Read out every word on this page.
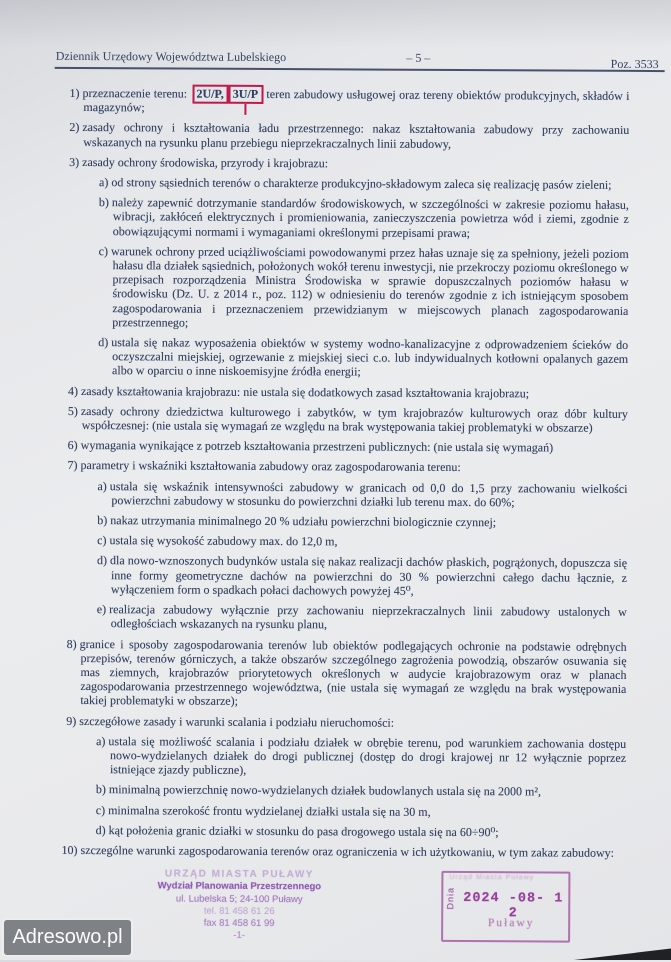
Dziennik Urzędowy Województwa Lubelskiego	– 5 –	Poz. 3533
1) przeznaczenie terenu: 2U/P, 3U/P teren zabudowy usługowej oraz tereny obiektów produkcyjnych, składów i magazynów;
2) zasady ochrony i kształtowania ładu przestrzennego: nakaz kształtowania zabudowy przy zachowaniu wskazanych na rysunku planu przebiegu nieprzekraczalnych linii zabudowy,
3) zasady ochrony środowiska, przyrody i krajobrazu:
a) od strony sąsiednich terenów o charakterze produkcyjno-składowym zaleca się realizację pasów zieleni;
b) należy zapewnić dotrzymanie standardów środowiskowych, w szczególności w zakresie poziomu hałasu, wibracji, zakłóceń elektrycznych i promieniowania, zanieczyszczenia powietrza wód i ziemi, zgodnie z obowiązującymi normami i wymaganiami określonymi przepisami prawa;
c) warunek ochrony przed uciążliwościami powodowanymi przez hałas uznaje się za spełniony, jeżeli poziom hałasu dla działek sąsiednich, położonych wokół terenu inwestycji, nie przekroczy poziomu określonego w przepisach rozporządzenia Ministra Środowiska w sprawie dopuszczalnych poziomów hałasu w środowisku (Dz. U. z 2014 r., poz. 112) w odniesieniu do terenów zgodnie z ich istniejącym sposobem zagospodarowania i przeznaczeniem przewidzianym w miejscowych planach zagospodarowania przestrzennego;
d) ustala się nakaz wyposażenia obiektów w systemy wodno-kanalizacyjne z odprowadzeniem ścieków do oczyszczalni miejskiej, ogrzewanie z miejskiej sieci c.o. lub indywidualnych kotłowni opalanych gazem albo w oparciu o inne niskoemisyjne źródła energii;
4) zasady kształtowania krajobrazu: nie ustala się dodatkowych zasad kształtowania krajobrazu;
5) zasady ochrony dziedzictwa kulturowego i zabytków, w tym krajobrazów kulturowych oraz dóbr kultury współczesnej: (nie ustala się wymagań ze względu na brak występowania takiej problematyki w obszarze)
6) wymagania wynikające z potrzeb kształtowania przestrzeni publicznych: (nie ustala się wymagań)
7) parametry i wskaźniki kształtowania zabudowy oraz zagospodarowania terenu:
a) ustala się wskaźnik intensywności zabudowy w granicach od 0,0 do 1,5 przy zachowaniu wielkości powierzchni zabudowy w stosunku do powierzchni działki lub terenu max. do 60%;
b) nakaz utrzymania minimalnego 20 % udziału powierzchni biologicznie czynnej;
c) ustala się wysokość zabudowy max. do 12,0 m,
d) dla nowo-wznoszonych budynków ustala się nakaz realizacji dachów płaskich, pogrążonych, dopuszcza się inne formy geometryczne dachów na powierzchni do 30 % powierzchni całego dachu łącznie, z wyłączeniem form o spadkach połaci dachowych powyżej 45⁰,
e) realizacja zabudowy wyłącznie przy zachowaniu nieprzekraczalnych linii zabudowy ustalonych w odległościach wskazanych na rysunku planu,
8) granice i sposoby zagospodarowania terenów lub obiektów podlegających ochronie na podstawie odrębnych przepisów, terenów górniczych, a także obszarów szczególnego zagrożenia powodzią, obszarów osuwania się mas ziemnych, krajobrazów priorytetowych określonych w audycie krajobrazowym oraz w planach zagospodarowania przestrzennego województwa, (nie ustala się wymagań ze względu na brak występowania takiej problematyki w obszarze);
9) szczegółowe zasady i warunki scalania i podziału nieruchomości:
a) ustala się możliwość scalania i podziału działek w obrębie terenu, pod warunkiem zachowania dostępu nowo-wydzielanych działek do drogi publicznej (dostęp do drogi krajowej nr 12 wyłącznie poprzez istniejące zjazdy publiczne),
b) minimalną powierzchnię nowo-wydzielanych działek budowlanych ustala się na 2000 m²,
c) minimalna szerokość frontu wydzielanej działki ustala się na 30 m,
d) kąt położenia granic działki w stosunku do pasa drogowego ustala się na 60÷90⁰;
10) szczególne warunki zagospodarowania terenów oraz ograniczenia w ich użytkowaniu, w tym zakaz zabudowy:
URZĄD MIASTA PUŁAWY
Wydział Planowania Przestrzennego
ul. Lubelska 5; 24-100 Puławy
tel. 81 458 61 26
fax 81 458 61 99
-1-
Urząd Miasta Puławy
Dnia 2024 -08- 1 2
Puławy
Adresowo.pl
